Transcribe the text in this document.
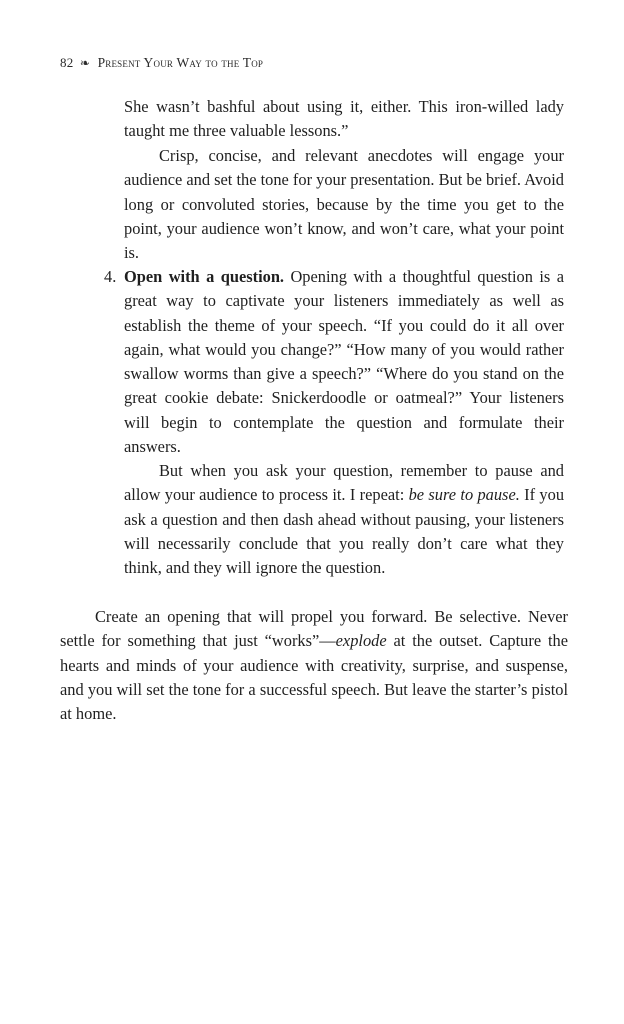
82 ❧ Present Your Way to the Top

She wasn’t bashful about using it, either. This iron-willed lady taught me three valuable lessons.”

Crisp, concise, and relevant anecdotes will engage your audience and set the tone for your presentation. But be brief. Avoid long or convoluted stories, because by the time you get to the point, your audience won’t know, and won’t care, what your point is.

4. Open with a question. Opening with a thoughtful question is a great way to captivate your listeners immediately as well as establish the theme of your speech. “If you could do it all over again, what would you change?” “How many of you would rather swallow worms than give a speech?” “Where do you stand on the great cookie debate: Snickerdoodle or oatmeal?” Your listeners will begin to contemplate the question and formulate their answers.

But when you ask your question, remember to pause and allow your audience to process it. I repeat: be sure to pause. If you ask a question and then dash ahead without pausing, your listeners will necessarily conclude that you really don’t care what they think, and they will ignore the question.

Create an opening that will propel you forward. Be selective. Never settle for something that just “works”—explode at the outset. Capture the hearts and minds of your audience with creativity, surprise, and suspense, and you will set the tone for a successful speech. But leave the starter’s pistol at home.
